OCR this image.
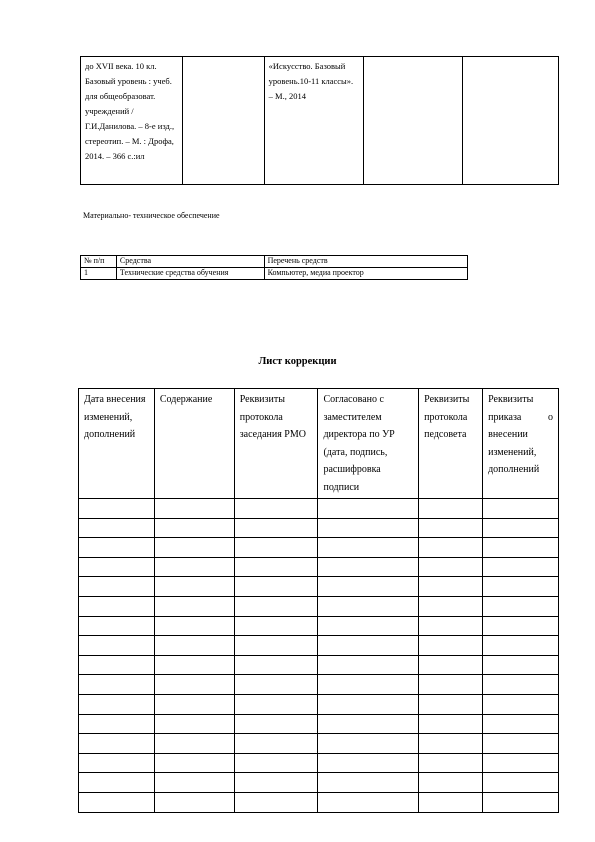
до XVII века. 10 кл. Базовый уровень : учеб. для общеобразоват. учреждений / Г.И.Данилова. – 8-е изд., стереотип. – М. : Дрофа, 2014. – 366 с.:ил		«Искусство. Базовый уровень.10-11 классы». – М., 2014		

Материально- техническое обеспечение

№ п/п	Средства	Перечень средств
1	Технические средства обучения	Компьютер, медиа проектор

Лист коррекции

Дата внесения изменений, дополнений	Содержание	Реквизиты протокола заседания РМО	Согласовано с заместителем директора по УР (дата, подпись, расшифровка подписи	Реквизиты протокола педсовета	Реквизиты приказа о внесении изменений, дополнений
